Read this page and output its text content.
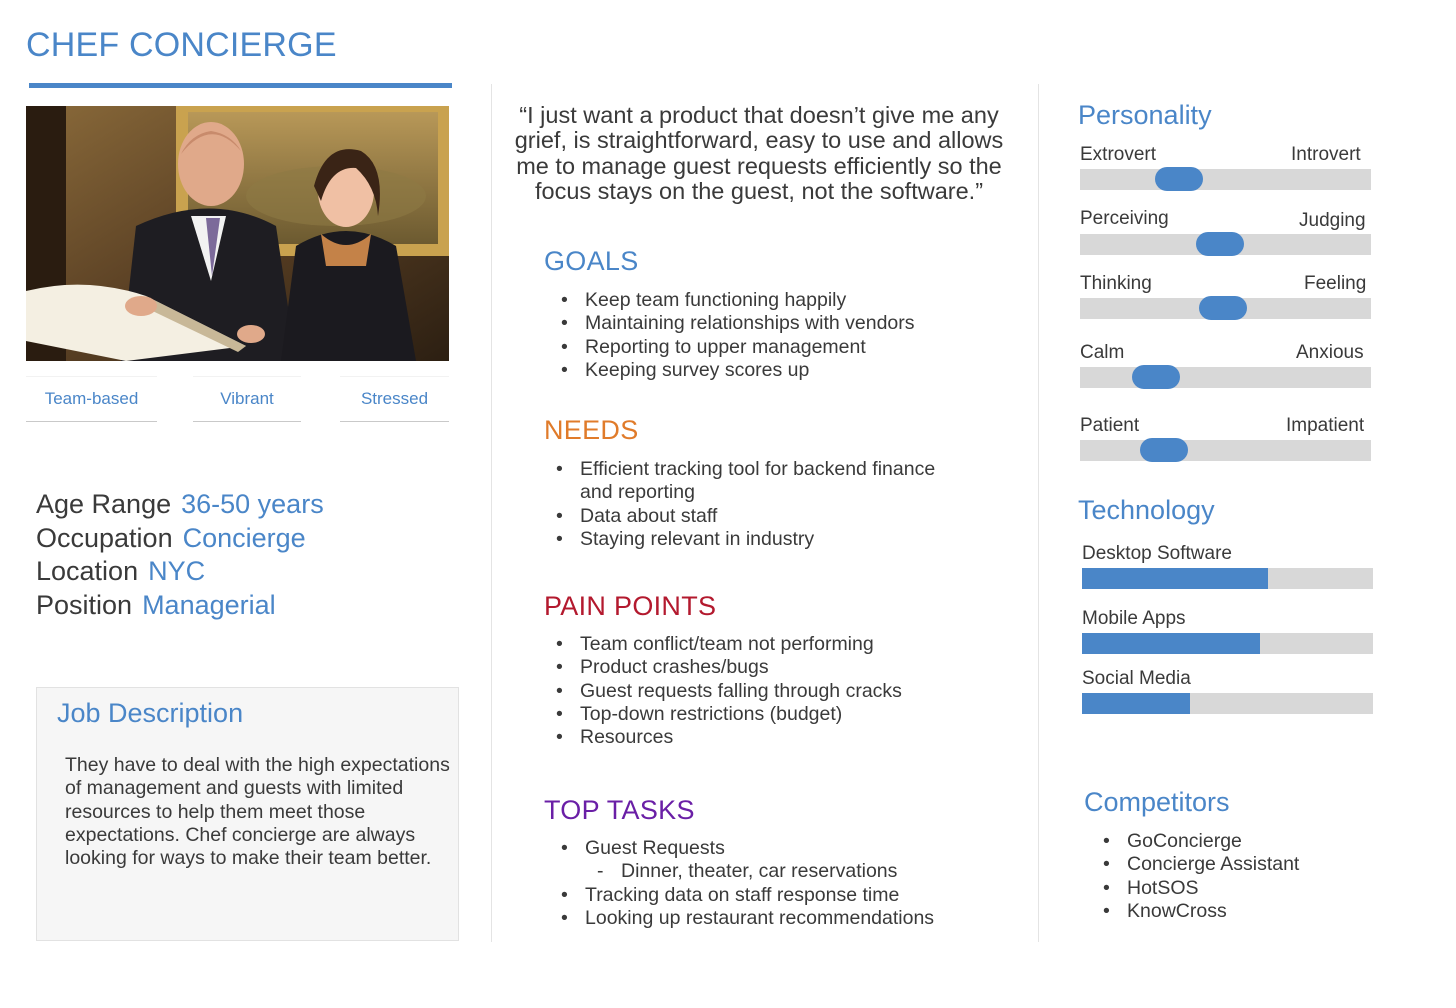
CHEF CONCIERGE
Team-based	Vibrant	Stressed
Age Range 36-50 years
Occupation Concierge
Location NYC
Position Managerial
Job Description

They have to deal with the high expectations of management and guests with limited resources to help them meet those expectations. Chef concierge are always looking for ways to make their team better.

“I just want a product that doesn’t give me any grief, is straightforward, easy to use and allows me to manage guest requests efficiently so the focus stays on the guest, not the software.”
GOALS
• Keep team functioning happily
• Maintaining relationships with vendors
• Reporting to upper management
• Keeping survey scores up
NEEDS
• Efficient tracking tool for backend finance and reporting
• Data about staff
• Staying relevant in industry
PAIN POINTS
• Team conflict/team not performing
• Product crashes/bugs
• Guest requests falling through cracks
• Top-down restrictions (budget)
• Resources
TOP TASKS
• Guest Requests
- Dinner, theater, car reservations
• Tracking data on staff response time
• Looking up restaurant recommendations
Personality
Extrovert	Introvert
Perceiving	Judging
Thinking	Feeling
Calm	Anxious
Patient	Impatient
Technology
Desktop Software
Mobile Apps
Social Media
Competitors
• GoConcierge
• Concierge Assistant
• HotSOS
• KnowCross
